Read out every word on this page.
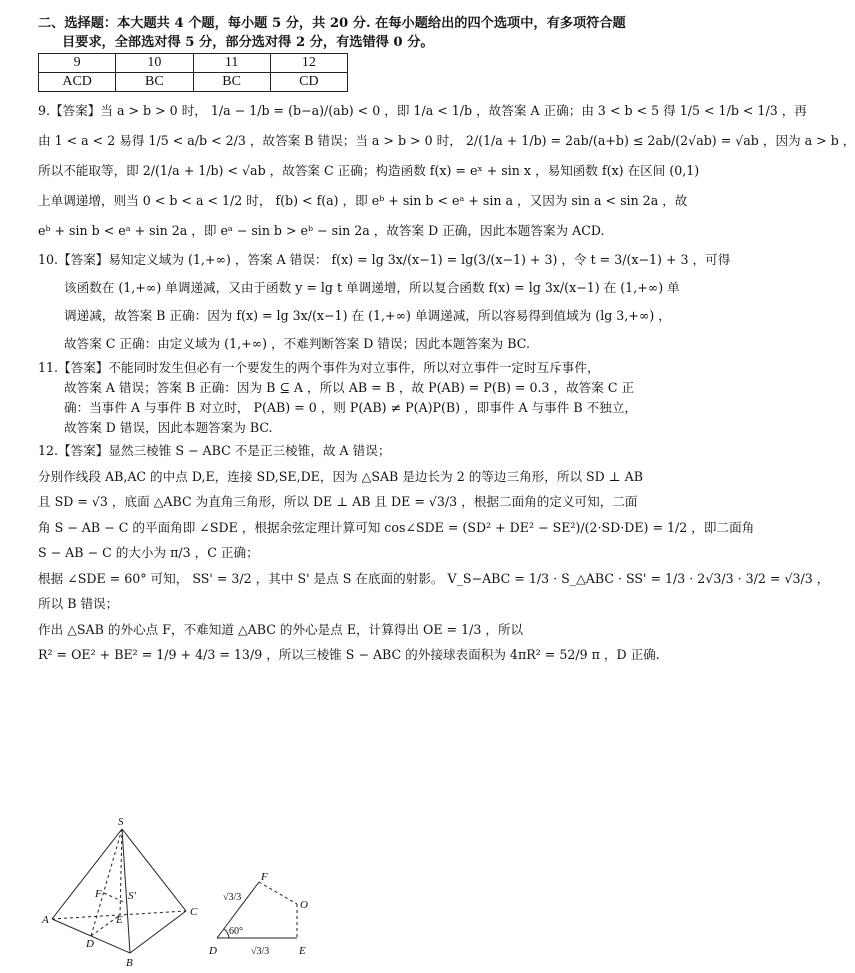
二、选择题：本大题共 4 个题，每小题 5 分，共 20 分. 在每小题给出的四个选项中，有多项符合题
目要求，全部选对得 5 分，部分选对得 2 分，有选错得 0 分。

9	10	11	12
ACD	BC	BC	CD
9.【答案】当 a > b > 0 时， 1/a − 1/b = (b−a)/(ab) < 0 ，即 1/a < 1/b ，故答案 A 正确；由 3 < b < 5 得 1/5 < 1/b < 1/3 ，再
由 1 < a < 2 易得 1/5 < a/b < 2/3 ，故答案 B 错误；当 a > b > 0 时， 2/(1/a + 1/b) = 2ab/(a+b) ≤ 2ab/(2√ab) = √ab ，因为 a > b ，
所以不能取等，即 2/(1/a + 1/b) < √ab ，故答案 C 正确；构造函数 f(x) = eˣ + sin x ，易知函数 f(x) 在区间 (0,1)
上单调递增，则当 0 < b < a < 1/2 时， f(b) < f(a) ，即 eᵇ + sin b < eᵃ + sin a ，又因为 sin a < sin 2a ，故
eᵇ + sin b < eᵃ + sin 2a ，即 eᵃ − sin b > eᵇ − sin 2a ，故答案 D 正确，因此本题答案为 ACD.
10.【答案】易知定义域为 (1,+∞) ，答案 A 错误： f(x) = lg 3x/(x−1) = lg(3/(x−1) + 3) ，令 t = 3/(x−1) + 3 ，可得
该函数在 (1,+∞) 单调递减，又由于函数 y = lg t 单调递增，所以复合函数 f(x) = lg 3x/(x−1) 在 (1,+∞) 单
调递减，故答案 B 正确：因为 f(x) = lg 3x/(x−1) 在 (1,+∞) 单调递减，所以容易得到值域为 (lg 3,+∞) ，
故答案 C 正确：由定义域为 (1,+∞) ，不难判断答案 D 错误；因此本题答案为 BC.
11.【答案】不能同时发生但必有一个要发生的两个事件为对立事件，所以对立事件一定时互斥事件，
故答案 A 错误；答案 B 正确：因为 B ⊆ A ，所以 AB = B ，故 P(AB) = P(B) = 0.3 ，故答案 C 正
确：当事件 A 与事件 B 对立时， P(AB) = 0 ，则 P(AB) ≠ P(A)P(B) ，即事件 A 与事件 B 不独立，
故答案 D 错误，因此本题答案为 BC.
12.【答案】显然三棱锥 S − ABC 不是正三棱锥，故 A 错误；
分别作线段 AB,AC 的中点 D,E，连接 SD,SE,DE，因为 △SAB 是边长为 2 的等边三角形，所以 SD ⊥ AB
且 SD = √3 ，底面 △ABC 为直角三角形，所以 DE ⊥ AB 且 DE = √3/3 ，根据二面角的定义可知，二面
角 S − AB − C 的平面角即 ∠SDE ，根据余弦定理计算可知 cos∠SDE = (SD² + DE² − SE²)/(2·SD·DE) = 1/2 ，即二面角
S − AB − C 的大小为 π/3 ，C 正确；
根据 ∠SDE = 60° 可知， SS' = 3/2 ，其中 S' 是点 S 在底面的射影。 V_S−ABC = 1/3 · S_△ABC · SS' = 1/3 · 2√3/3 · 3/2 = √3/3 ，
所以 B 错误；
作出 △SAB 的外心点 F，不难知道 △ABC 的外心是点 E，计算得出 OE = 1/3 ，所以
R² = OE² + BE² = 1/9 + 4/3 = 13/9 ，所以三棱锥 S − ABC 的外接球表面积为 4πR² = 52/9 π ，D 正确.
S
A
B
C
D
E
F S'
F
O
D	E
√3/3
√3/3
60°
